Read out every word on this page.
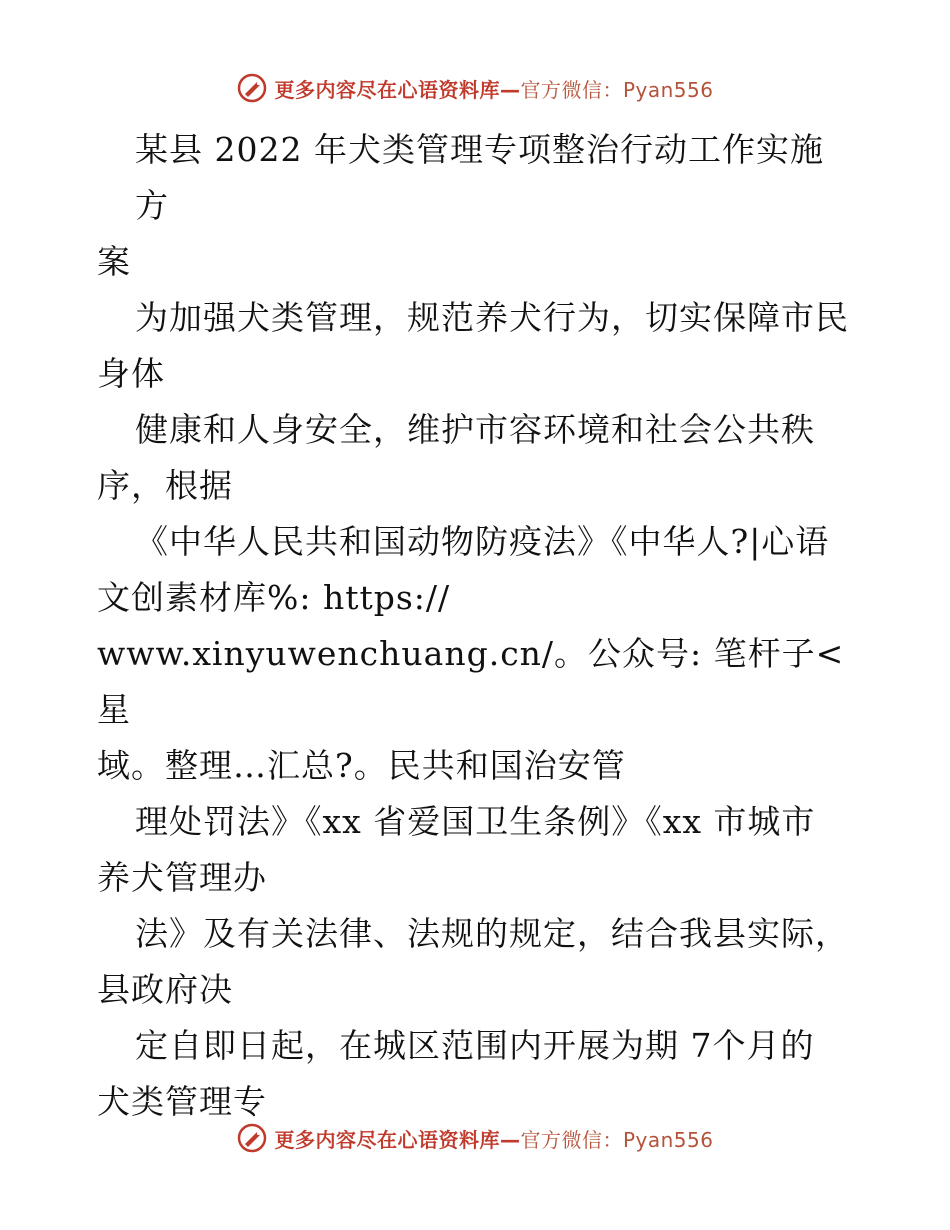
更多内容尽在心语资料库—官方微信：Pyan556

某县 2022 年犬类管理专项整治行动工作实施方

案

为加强犬类管理，规范养犬行为，切实保障市民

身体

健康和人身安全，维护市容环境和社会公共秩

序，根据

《中华人民共和国动物防疫法》《中华人?|心语

文创素材库%: https://

www.xinyuwenchuang.cn/。公众号: 笔杆子<星

域。整理…汇总?。民共和国治安管

理处罚法》《xx 省爱国卫生条例》《xx 市城市

养犬管理办

法》及有关法律、法规的规定，结合我县实际，

县政府决

定自即日起，在城区范围内开展为期 7个月的

犬类管理专

更多内容尽在心语资料库—官方微信：Pyan556
